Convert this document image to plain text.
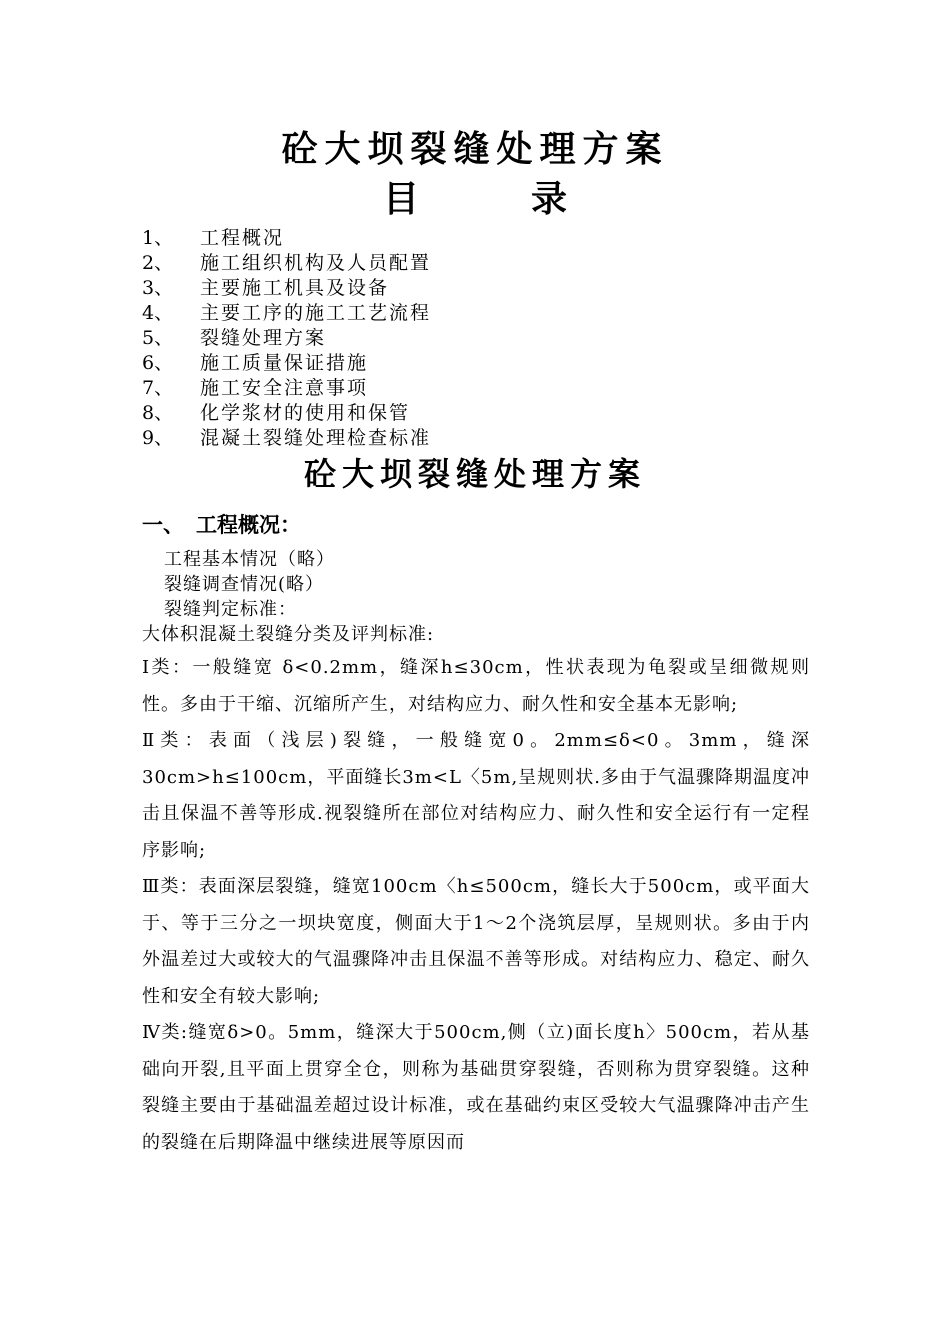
砼大坝裂缝处理方案
目	录
1、	工程概况
2、	施工组织机构及人员配置
3、	主要施工机具及设备
4、	主要工序的施工工艺流程
5、	裂缝处理方案
6、	施工质量保证措施
7、	施工安全注意事项
8、	化学浆材的使用和保管
9、	混凝土裂缝处理检查标准
砼大坝裂缝处理方案
一、 工程概况：
工程基本情况（略）
裂缝调查情况(略）
裂缝判定标准：
大体积混凝土裂缝分类及评判标准:

Ⅰ类：一般缝宽 δ<0.2mm，缝深h≤30cm，性状表现为龟裂或呈细微规则性。多由于干缩、沉缩所产生，对结构应力、耐久性和安全基本无影响;

Ⅱ类：表面（浅层)裂缝，一般缝宽0。2mm≤δ<0。3mm，缝深30cm>h≤100cm，平面缝长3m<L〈5m,呈规则状.多由于气温骤降期温度冲击且保温不善等形成.视裂缝所在部位对结构应力、耐久性和安全运行有一定程序影响;

Ⅲ类：表面深层裂缝，缝宽100cm〈h≤500cm，缝长大于500cm，或平面大于、等于三分之一坝块宽度，侧面大于1～2个浇筑层厚，呈规则状。多由于内外温差过大或较大的气温骤降冲击且保温不善等形成。对结构应力、稳定、耐久性和安全有较大影响;

Ⅳ类:缝宽δ>0。5mm，缝深大于500cm,侧（立)面长度h〉500cm，若从基础向开裂,且平面上贯穿全仓，则称为基础贯穿裂缝，否则称为贯穿裂缝。这种裂缝主要由于基础温差超过设计标准，或在基础约束区受较大气温骤降冲击产生的裂缝在后期降温中继续进展等原因而
